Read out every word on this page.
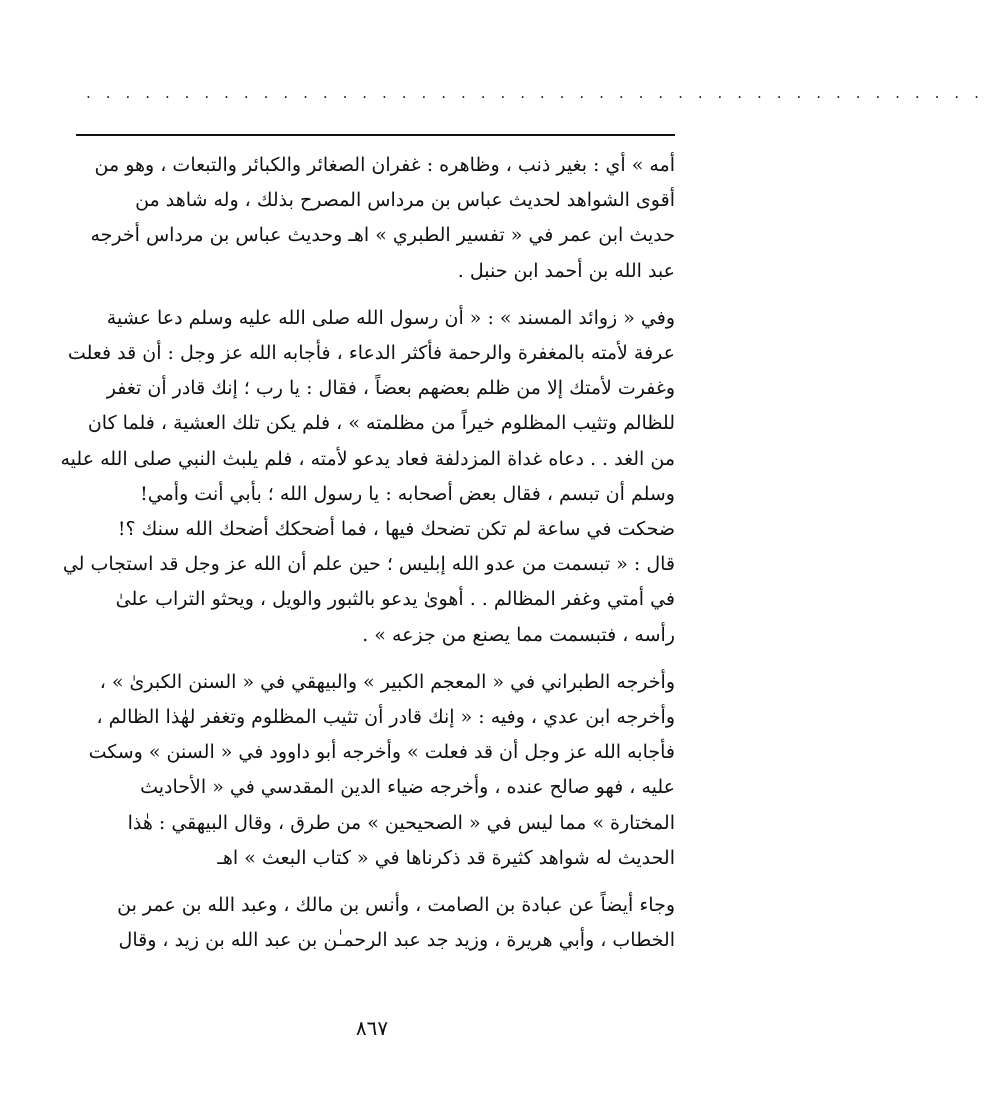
. . . . . . . . . . . . . . . . . . . . . . . . . . . . . . . . . . . . . . . . . . . . . .
أمه » أي : بغير ذنب ، وظاهره : غفران الصغائر والكبائر والتبعات ، وهو من
أقوى الشواهد لحديث عباس بن مرداس المصرح بذلك ، وله شاهد من
حديث ابن عمر في « تفسير الطبري » اهـ وحديث عباس بن مرداس أخرجه
عبد الله بن أحمد ابن حنبل .
وفي « زوائد المسند » : « أن رسول الله صلى الله عليه وسلم دعا عشية
عرفة لأمته بالمغفرة والرحمة فأكثر الدعاء ، فأجابه الله عز وجل : أن قد فعلت
وغفرت لأمتك إلا من ظلم بعضهم بعضاً ، فقال : يا رب ؛ إنك قادر أن تغفر
للظالم وتثيب المظلوم خيراً من مظلمته » ، فلم يكن تلك العشية ، فلما كان
من الغد . . دعاه غداة المزدلفة فعاد يدعو لأمته ، فلم يلبث النبي صلى الله عليه
وسلم أن تبسم ، فقال بعض أصحابه : يا رسول الله ؛ بأبي أنت وأمي!
ضحكت في ساعة لم تكن تضحك فيها ، فما أضحكك أضحك الله سنك ؟!
قال : « تبسمت من عدو الله إبليس ؛ حين علم أن الله عز وجل قد استجاب لي
في أمتي وغفر المظالم . . أهوىٰ يدعو بالثبور والويل ، ويحثو التراب علىٰ
رأسه ، فتبسمت مما يصنع من جزعه » .
وأخرجه الطبراني في « المعجم الكبير » والبيهقي في « السنن الكبرىٰ » ،
وأخرجه ابن عدي ، وفيه : « إنك قادر أن تثيب المظلوم وتغفر لهٰذا الظالم ،
فأجابه الله عز وجل أن قد فعلت » وأخرجه أبو داوود في « السنن » وسكت
عليه ، فهو صالح عنده ، وأخرجه ضياء الدين المقدسي في « الأحاديث
المختارة » مما ليس في « الصحيحين » من طرق ، وقال البيهقي : هٰذا
الحديث له شواهد كثيرة قد ذكرناها في « كتاب البعث » اهـ
وجاء أيضاً عن عبادة بن الصامت ، وأنس بن مالك ، وعبد الله بن عمر بن
الخطاب ، وأبي هريرة ، وزيد جد عبد الرحمـٰن بن عبد الله بن زيد ، وقال
٨٦٧
